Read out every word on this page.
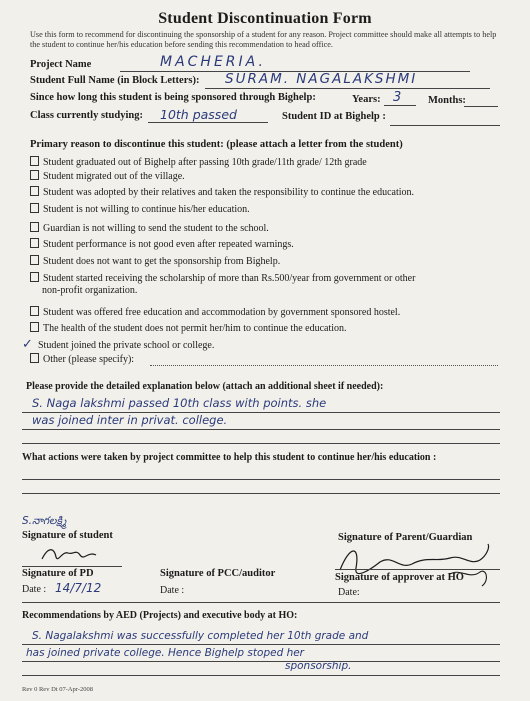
Student Discontinuation Form
Use this form to recommend for discontinuing the sponsorship of a student for any reason. Project committee should make all attempts to help the student to continue her/his education before sending this recommendation to head office.
Project Name	MACHERIA.
Student Full Name (in Block Letters): SURAM. NAGALAKSHMI
Since how long this student is being sponsored through Bighelp:	Years: 3	Months:
Class currently studying: 10th passed	Student ID at Bighelp :
Primary reason to discontinue this student: (please attach a letter from the student)
Student graduated out of Bighelp after passing 10th grade/11th grade/ 12th grade
Student migrated out of the village.
Student was adopted by their relatives and taken the responsibility to continue the education.
Student is not willing to continue his/her education.
Guardian is not willing to send the student to the school.
Student performance is not good even after repeated warnings.
Student does not want to get the sponsorship from Bighelp.
Student started receiving the scholarship of more than Rs.500/year from government or other
non-profit organization.
Student was offered free education and accommodation by government sponsored hostel.
The health of the student does not permit her/him to continue the education.
✓ Student joined the private school or college.
Other (please specify):
Please provide the detailed explanation below (attach an additional sheet if needed):
S. Naga lakshmi passed 10th class with points. she
was joined inter in privat. college.
What actions were taken by project committee to help this student to continue her/his education :
S.నాగలక్ష్మి
Signature of student	Signature of Parent/Guardian
Signature of PD	Signature of PCC/auditor	Signature of approver at HO
Date : 14/7/12	Date :	Date:
Recommendations by AED (Projects) and executive body at HO:
S. Nagalakshmi was successfully completed her 10th grade and
has joined private college. Hence Bighelp stoped her
sponsorship.
Rev 0 Rev Dt 07-Apr-2008
